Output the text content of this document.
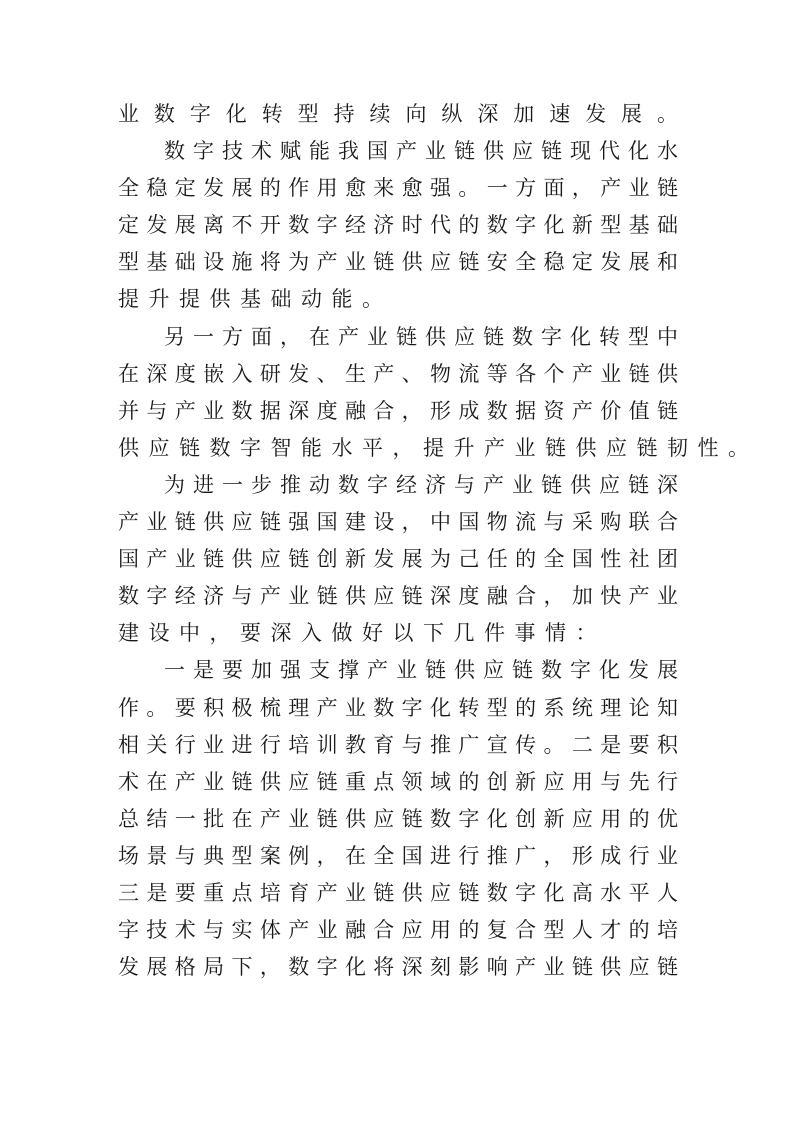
业 数 字 化 转 型 持 续 向 纵 深 加 速 发 展 。
数 字 技 术 赋 能 我 国 产 业 链 供 应 链 现 代 化 水
全 稳 定 发 展 的 作 用 愈 来 愈 强 。 一 方 面 ， 产 业 链
定 发 展 离 不 开 数 字 经 济 时 代 的 数 字 化 新 型 基 础
型 基 础 设 施 将 为 产 业 链 供 应 链 安 全 稳 定 发 展 和
提升提供基础动能。
另 一 方 面 ， 在 产 业 链 供 应 链 数 字 化 转 型 中
在 深 度 嵌 入 研 发 、 生 产 、 物 流 等 各 个 产 业 链 供
并 与 产 业 数 据 深 度 融 合 ， 形 成 数 据 资 产 价 值 链
供应链数字智能水平，提升产业链供应链韧性。
为 进 一 步 推 动 数 字 经 济 与 产 业 链 供 应 链 深
产 业 链 供 应 链 强 国 建 设 ， 中 国 物 流 与 采 购 联 合
国 产 业 链 供 应 链 创 新 发 展 为 己 任 的 全 国 性 社 团
数 字 经 济 与 产 业 链 供 应 链 深 度 融 合 ， 加 快 产 业
建设中，要深入做好以下几件事情：
一 是 要 加 强 支 撑 产 业 链 供 应 链 数 字 化 发 展
作 。 要 积 极 梳 理 产 业 数 字 化 转 型 的 系 统 理 论 知
相 关 行 业 进 行 培 训 教 育 与 推 广 宣 传 。 二 是 要 积
术 在 产 业 链 供 应 链 重 点 领 域 的 创 新 应 用 与 先 行
总 结 一 批 在 产 业 链 供 应 链 数 字 化 创 新 应 用 的 优
场 景 与 典 型 案 例 ， 在 全 国 进 行 推 广 ， 形 成 行 业
三 是 要 重 点 培 育 产 业 链 供 应 链 数 字 化 高 水 平 人
字 技 术 与 实 体 产 业 融 合 应 用 的 复 合 型 人 才 的 培
发 展 格 局 下 ， 数 字 化 将 深 刻 影 响 产 业 链 供 应 链
